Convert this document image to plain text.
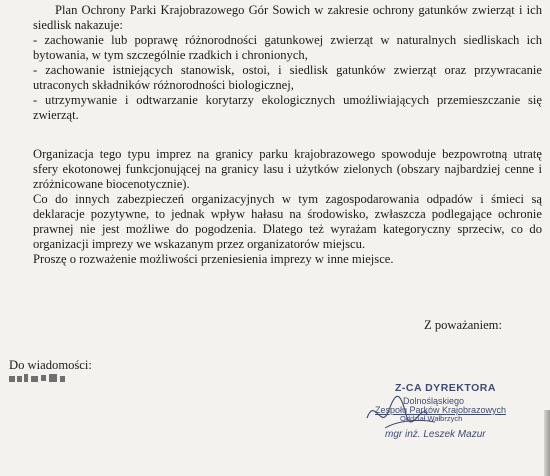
Plan Ochrony Parki Krajobrazowego Gór Sowich w zakresie ochrony gatunków zwierząt i ich
siedlisk nakazuje:
- zachowanie lub poprawę różnorodności gatunkowej zwierząt w naturalnych siedliskach ich
bytowania, w tym szczególnie rzadkich i chronionych,
- zachowanie istniejących stanowisk, ostoi, i siedlisk gatunków zwierząt oraz przywracanie
utraconych składników różnorodności biologicznej,
- utrzymywanie i odtwarzanie korytarzy ekologicznych umożliwiających przemieszczanie się
zwierząt.
Organizacja tego typu imprez na granicy parku krajobrazowego spowoduje bezpowrotną utratę
sfery ekotonowej funkcjonującej na granicy lasu i użytków zielonych (obszary najbardziej cenne i
zróżnicowane biocenotycznie).
Co do innych zabezpieczeń organizacyjnych w tym zagospodarowania odpadów i śmieci są
deklaracje pozytywne, to jednak wpływ hałasu na środowisko, zwłaszcza podlegające ochronie
prawnej nie jest możliwe do pogodzenia. Dlatego też wyrażam kategoryczny sprzeciw, co do
organizacji imprezy we wskazanym przez organizatorów miejscu.
Proszę o rozważenie możliwości przeniesienia imprezy w inne miejsce.
Z poważaniem:
Do wiadomości:
Z-CA DYREKTORA
Dolnośląskiego
Zespołu Parków Krajobrazowych
Oddział Wałbrzych
mgr inż. Leszek Mazur
